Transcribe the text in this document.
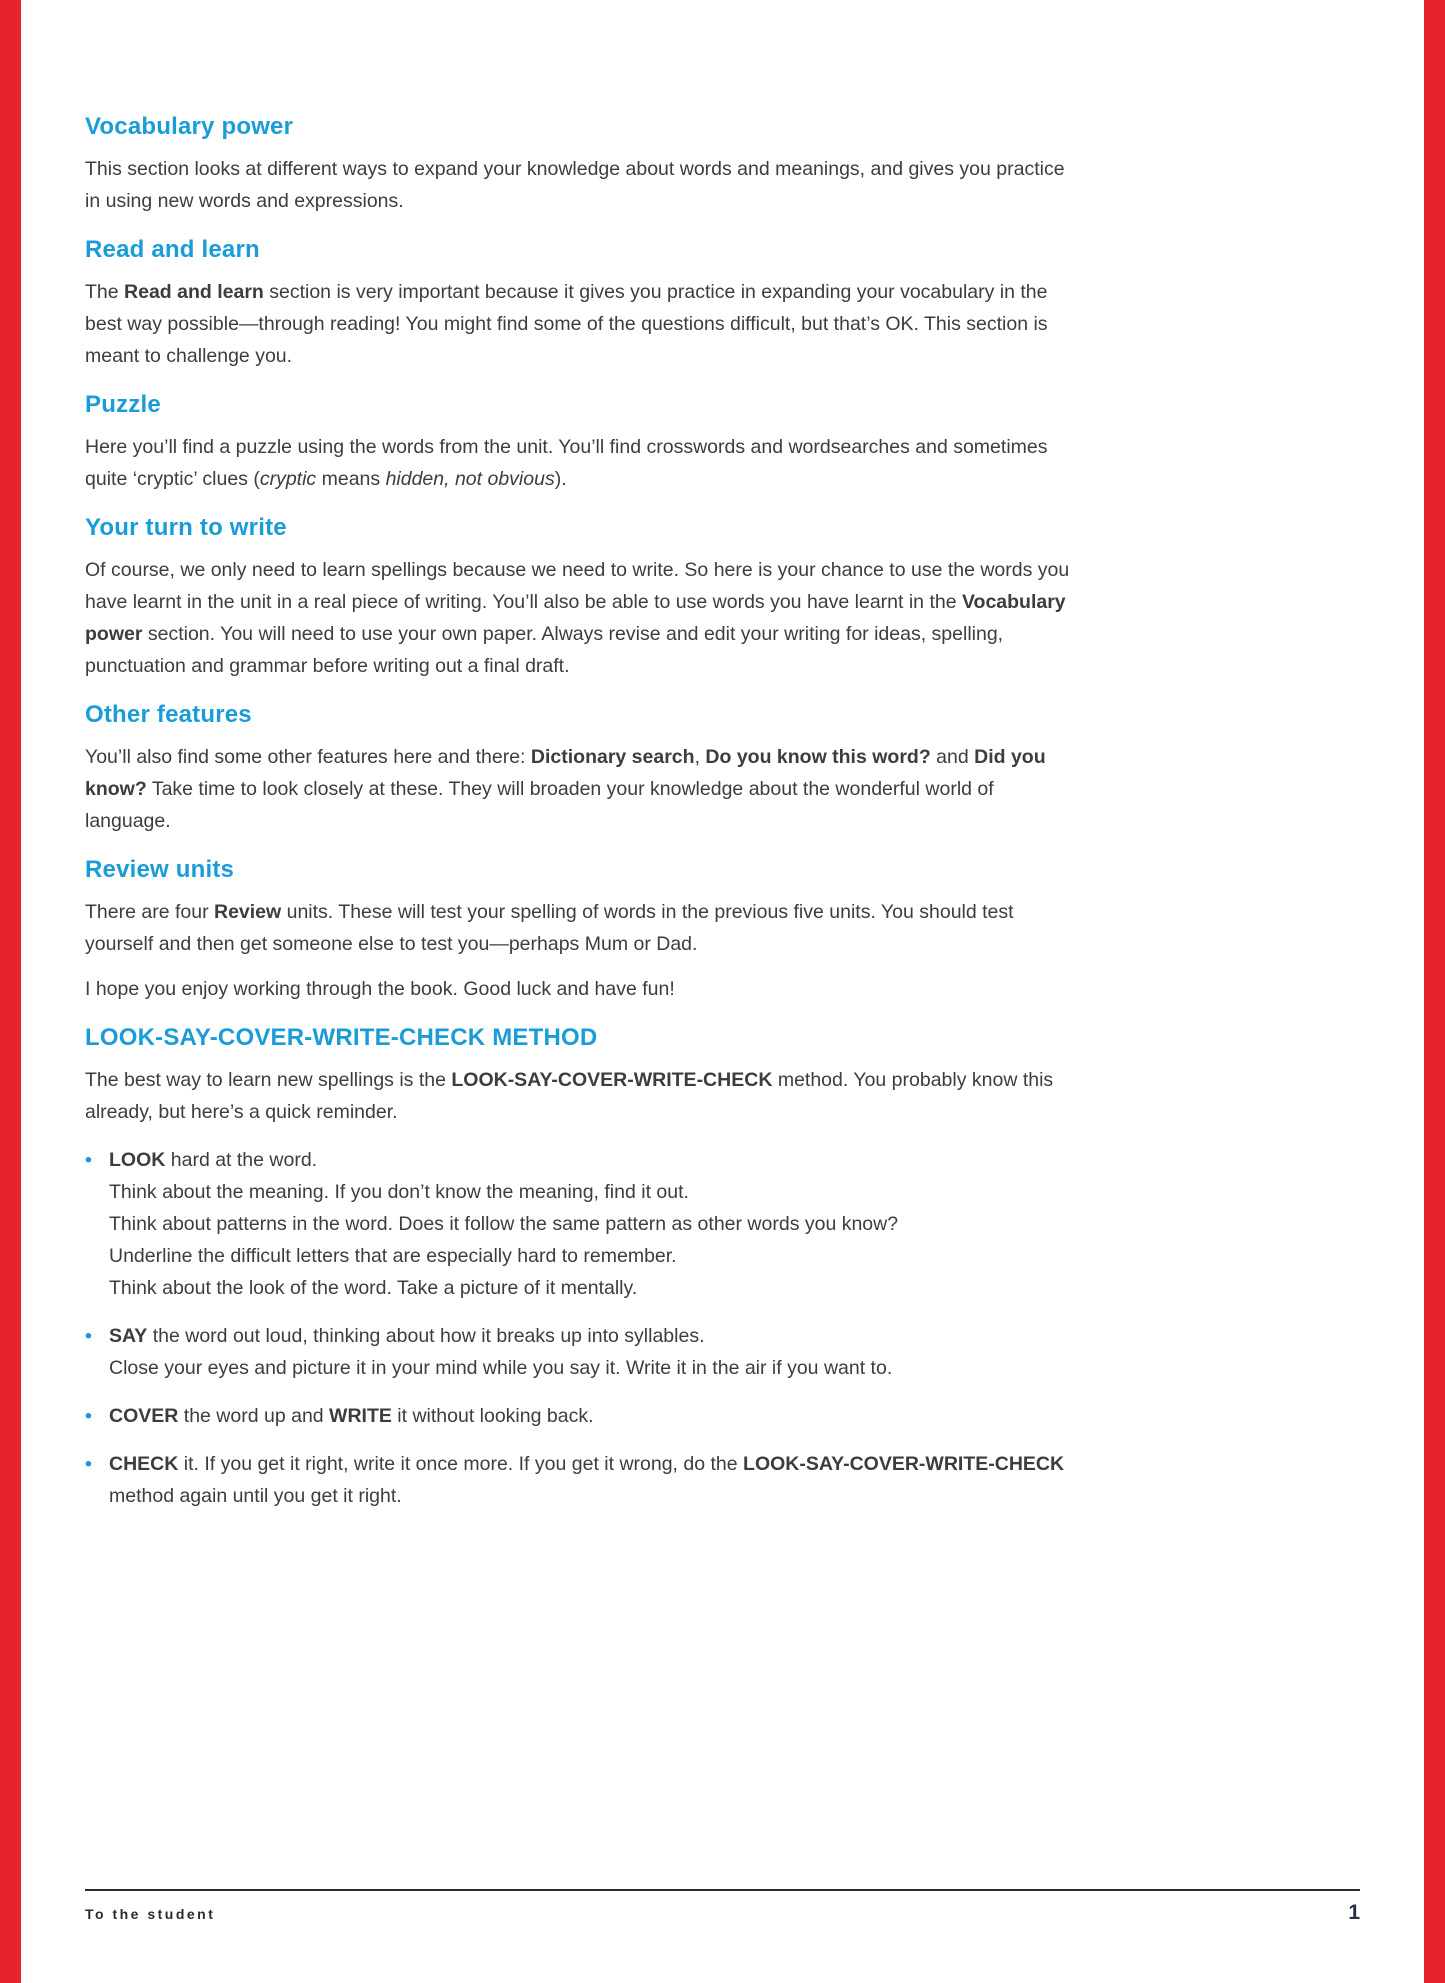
Vocabulary power

This section looks at different ways to expand your knowledge about words and meanings, and gives you practice in using new words and expressions.

Read and learn

The Read and learn section is very important because it gives you practice in expanding your vocabulary in the best way possible—through reading! You might find some of the questions difficult, but that’s OK. This section is meant to challenge you.

Puzzle

Here you’ll find a puzzle using the words from the unit. You’ll find crosswords and wordsearches and sometimes quite ‘cryptic’ clues (cryptic means hidden, not obvious).

Your turn to write

Of course, we only need to learn spellings because we need to write. So here is your chance to use the words you have learnt in the unit in a real piece of writing. You’ll also be able to use words you have learnt in the Vocabulary power section. You will need to use your own paper. Always revise and edit your writing for ideas, spelling, punctuation and grammar before writing out a final draft.

Other features

You’ll also find some other features here and there: Dictionary search, Do you know this word? and Did you know? Take time to look closely at these. They will broaden your knowledge about the wonderful world of language.

Review units

There are four Review units. These will test your spelling of words in the previous five units. You should test yourself and then get someone else to test you—perhaps Mum or Dad.

I hope you enjoy working through the book. Good luck and have fun!

LOOK-SAY-COVER-WRITE-CHECK METHOD

The best way to learn new spellings is the LOOK-SAY-COVER-WRITE-CHECK method. You probably know this already, but here’s a quick reminder.

• LOOK hard at the word.
Think about the meaning. If you don’t know the meaning, find it out.
Think about patterns in the word. Does it follow the same pattern as other words you know?
Underline the difficult letters that are especially hard to remember.
Think about the look of the word. Take a picture of it mentally.
• SAY the word out loud, thinking about how it breaks up into syllables.
Close your eyes and picture it in your mind while you say it. Write it in the air if you want to.
• COVER the word up and WRITE it without looking back.
• CHECK it. If you get it right, write it once more. If you get it wrong, do the LOOK-SAY-COVER-WRITE-CHECK method again until you get it right.
To the student	1
